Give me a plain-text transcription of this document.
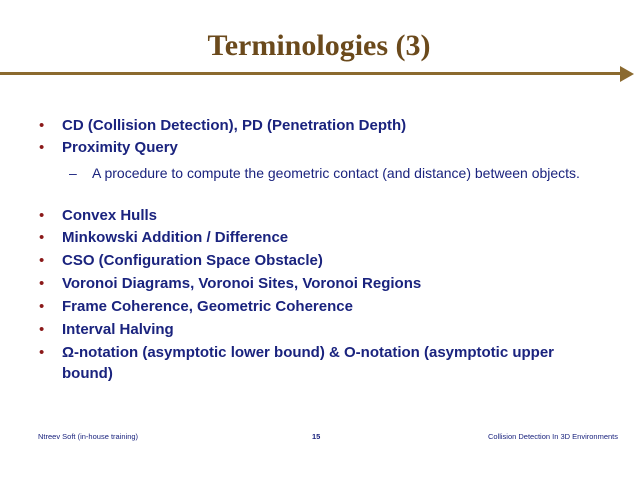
Terminologies (3)
• CD (Collision Detection), PD (Penetration Depth)
• Proximity Query
– A procedure to compute the geometric contact (and distance) between objects.
• Convex Hulls
• Minkowski Addition / Difference
• CSO (Configuration Space Obstacle)
• Voronoi Diagrams, Voronoi Sites, Voronoi Regions
• Frame Coherence, Geometric Coherence
• Interval Halving
• Ω-notation (asymptotic lower bound) & O-notation (asymptotic upper bound)
Ntreev Soft (in-house training)	15	Collision Detection In 3D Environments
